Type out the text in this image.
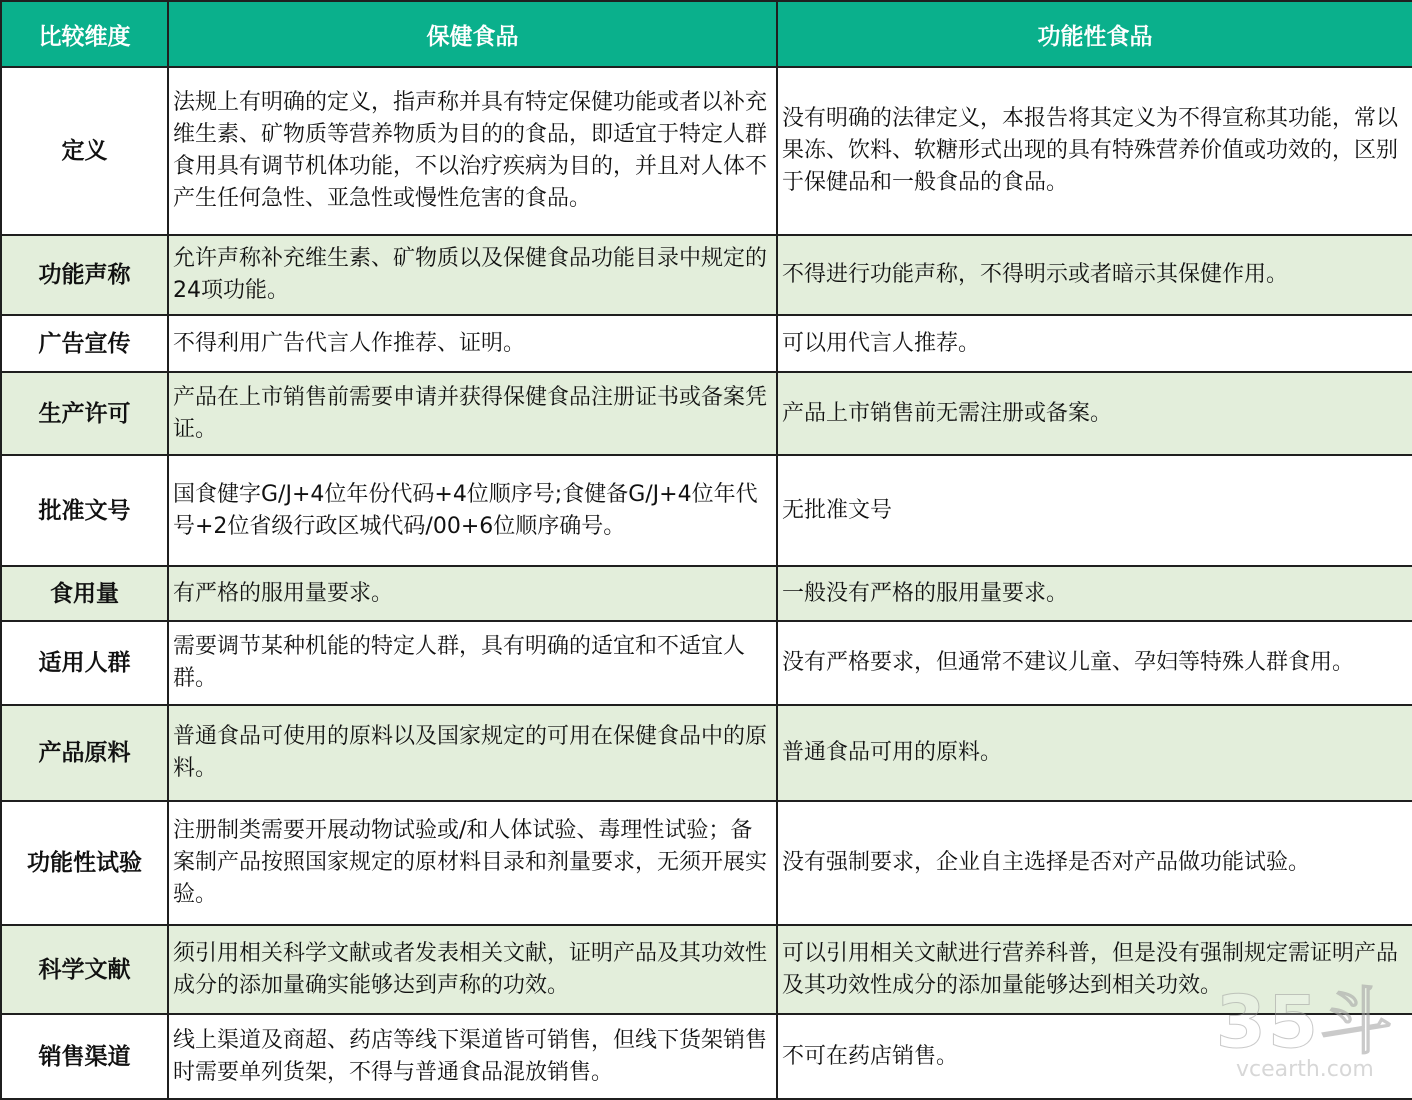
比较维度	保健食品	功能性食品
定义	法规上有明确的定义，指声称并具有特定保健功能或者以补充维生素、矿物质等营养物质为目的的食品，即适宜于特定人群食用具有调节机体功能，不以治疗疾病为目的，并且对人体不产生任何急性、亚急性或慢性危害的食品。	没有明确的法律定义，本报告将其定义为不得宣称其功能，常以果冻、饮料、软糖形式出现的具有特殊营养价值或功效的，区别于保健品和一般食品的食品。
功能声称	允许声称补充维生素、矿物质以及保健食品功能目录中规定的24项功能。	不得进行功能声称，不得明示或者暗示其保健作用。
广告宣传	不得利用广告代言人作推荐、证明。	可以用代言人推荐。
生产许可	产品在上市销售前需要申请并获得保健食品注册证书或备案凭证。	产品上市销售前无需注册或备案。
批准文号	国食健字G/J+4位年份代码+4位顺序号;食健备G/J+4位年代号+2位省级行政区城代码/00+6位顺序确号。	无批准文号
食用量	有严格的服用量要求。	一般没有严格的服用量要求。
适用人群	需要调节某种机能的特定人群，具有明确的适宜和不适宜人群。	没有严格要求，但通常不建议儿童、孕妇等特殊人群食用。
产品原料	普通食品可使用的原料以及国家规定的可用在保健食品中的原料。	普通食品可用的原料。
功能性试验	注册制类需要开展动物试验或/和人体试验、毒理性试验；备案制产品按照国家规定的原材料目录和剂量要求，无须开展实验。	没有强制要求，企业自主选择是否对产品做功能试验。
科学文献	须引用相关科学文献或者发表相关文献，证明产品及其功效性成分的添加量确实能够达到声称的功效。	可以引用相关文献进行营养科普，但是没有强制规定需证明产品及其功效性成分的添加量能够达到相关功效。
销售渠道	线上渠道及商超、药店等线下渠道皆可销售，但线下货架销售时需要单列货架，不得与普通食品混放销售。	不可在药店销售。	35斗
vcearth.com
